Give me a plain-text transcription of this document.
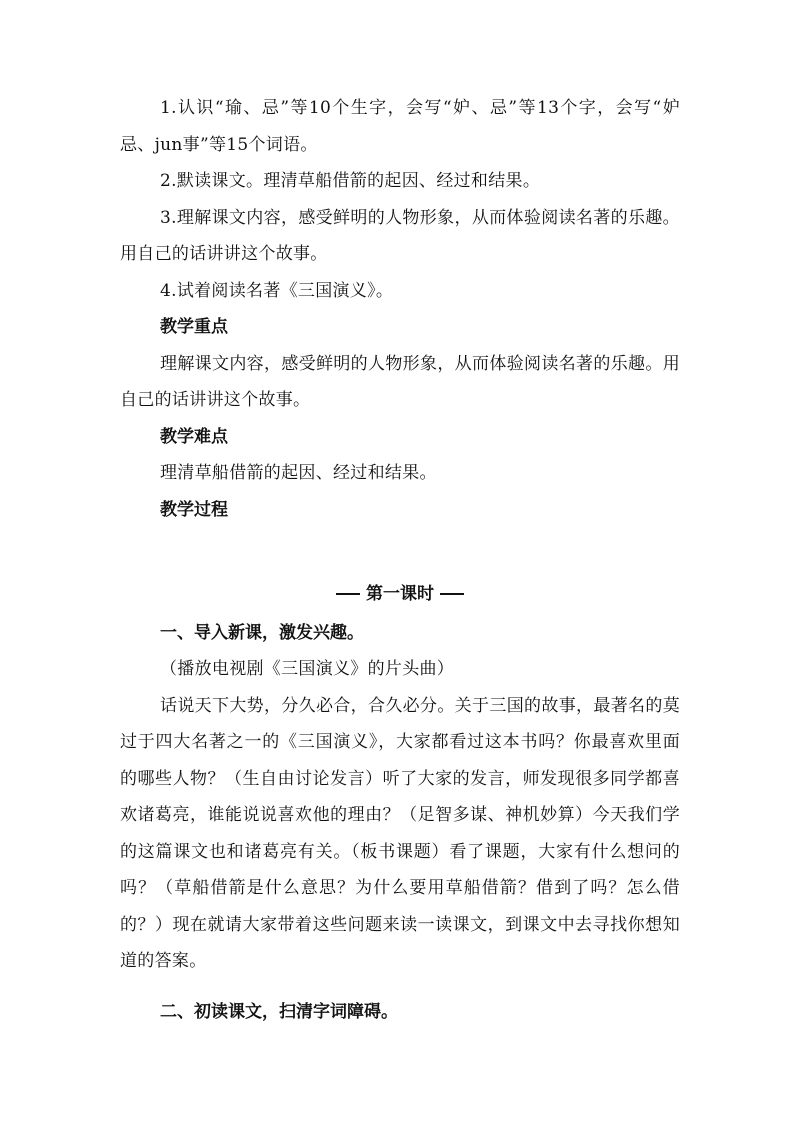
1.认识“瑜、忌”等10个生字，会写“妒、忌”等13个字，会写“妒忌、jun事”等15个词语。

2.默读课文。理清草船借箭的起因、经过和结果。

3.理解课文内容，感受鲜明的人物形象，从而体验阅读名著的乐趣。用自己的话讲讲这个故事。

4.试着阅读名著《三国演义》。

教学重点

理解课文内容，感受鲜明的人物形象，从而体验阅读名著的乐趣。用自己的话讲讲这个故事。

教学难点

理清草船借箭的起因、经过和结果。

教学过程

第一课时

一、导入新课，激发兴趣。

（播放电视剧《三国演义》的片头曲）

话说天下大势，分久必合，合久必分。关于三国的故事，最著名的莫过于四大名著之一的《三国演义》，大家都看过这本书吗？你最喜欢里面的哪些人物？（生自由讨论发言）听了大家的发言，师发现很多同学都喜欢诸葛亮，谁能说说喜欢他的理由？（足智多谋、神机妙算）今天我们学的这篇课文也和诸葛亮有关。（板书课题）看了课题，大家有什么想问的吗？（草船借箭是什么意思？为什么要用草船借箭？借到了吗？怎么借的？）现在就请大家带着这些问题来读一读课文，到课文中去寻找你想知道的答案。

二、初读课文，扫清字词障碍。
